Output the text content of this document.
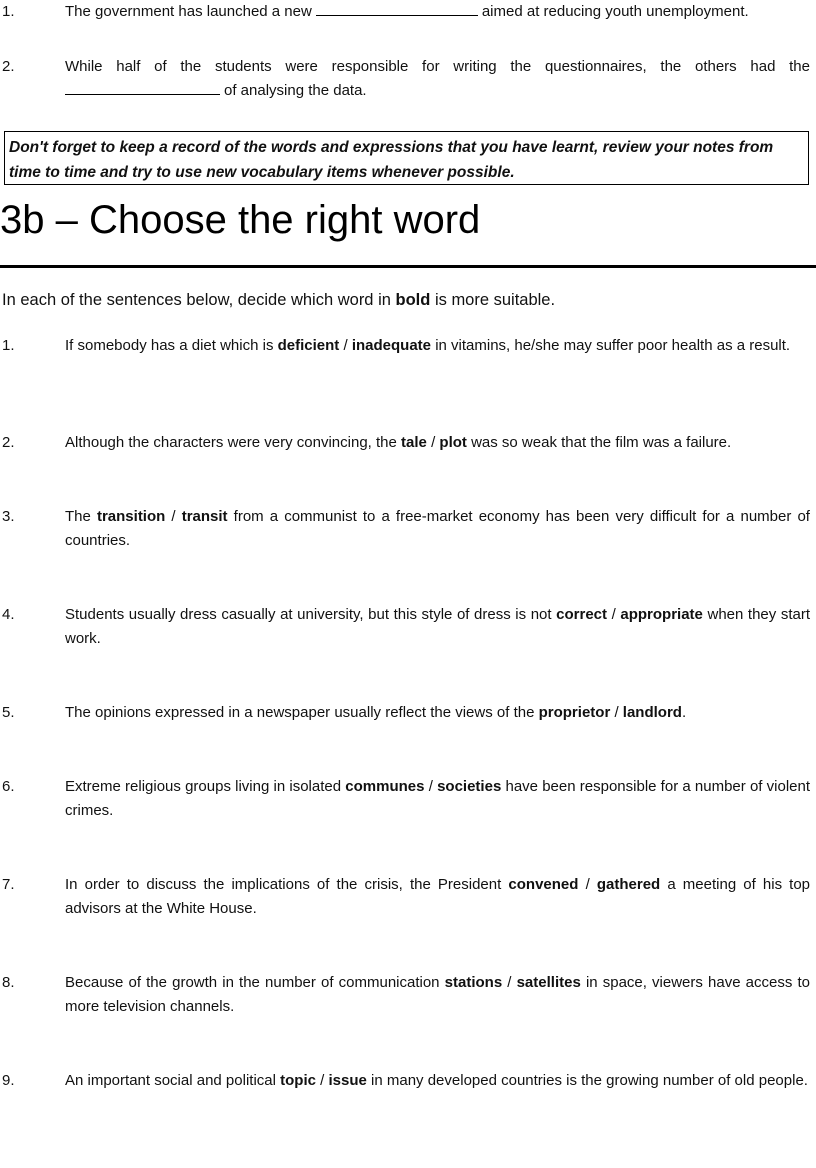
1.	The government has launched a new	aimed at reducing youth unemployment.
2.	While half of the students were responsible for writing the questionnaires, the others had the of analysing the data.
Don't forget to keep a record of the words and expressions that you have learnt, review your notes from time to time and try to use new vocabulary items whenever possible.
3b – Choose the right word
In each of the sentences below, decide which word in bold is more suitable.
1.	If somebody has a diet which is deficient / inadequate in vitamins, he/she may suffer poor health as a result.
2.	Although the characters were very convincing, the tale / plot was so weak that the film was a failure.
3.	The transition / transit from a communist to a free-market economy has been very difficult for a number of countries.
4.	Students usually dress casually at university, but this style of dress is not correct / appropriate when they start work.
5.	The opinions expressed in a newspaper usually reflect the views of the proprietor / landlord.
6.	Extreme religious groups living in isolated communes / societies have been responsible for a number of violent crimes.
7.	In order to discuss the implications of the crisis, the President convened / gathered a meeting of his top advisors at the White House.
8.	Because of the growth in the number of communication stations / satellites in space, viewers have access to more television channels.
9.	An important social and political topic / issue in many developed countries is the growing number of old people.
